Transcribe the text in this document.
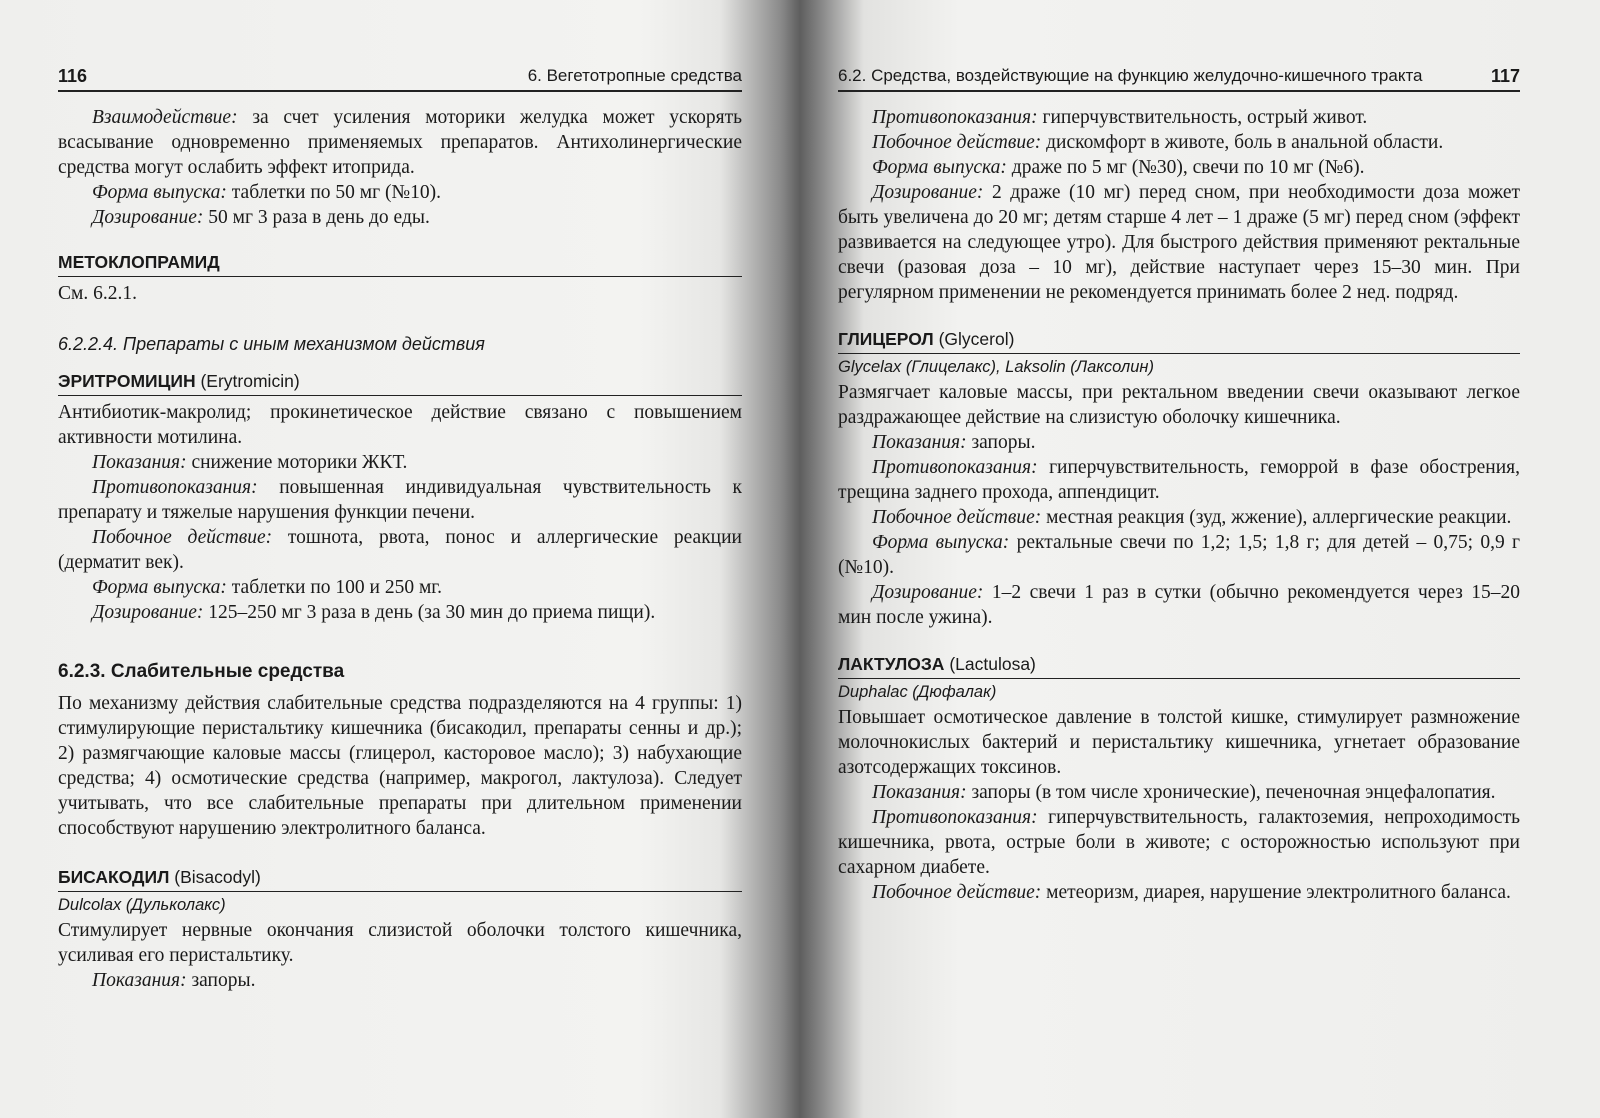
116	6. Вегетотропные средства

Взаимодействие: за счет усиления моторики желудка может ускорять всасывание одновременно применяемых препаратов. Антихолинергические средства могут ослабить эффект итоприда.

Форма выпуска: таблетки по 50 мг (№10).

Дозирование: 50 мг 3 раза в день до еды.

МЕТОКЛОПРАМИД

См. 6.2.1.

6.2.2.4. Препараты с иным механизмом действия
ЭРИТРОМИЦИН (Erytromicin)

Антибиотик-макролид; прокинетическое действие связано с повышением активности мотилина.

Показания: снижение моторики ЖКТ.

Противопоказания: повышенная индивидуальная чувствительность к препарату и тяжелые нарушения функции печени.

Побочное действие: тошнота, рвота, понос и аллергические реакции (дерматит век).

Форма выпуска: таблетки по 100 и 250 мг.

Дозирование: 125–250 мг 3 раза в день (за 30 мин до приема пищи).

6.2.3. Слабительные средства

По механизму действия слабительные средства подразделяются на 4 группы: 1) стимулирующие перистальтику кишечника (бисакодил, препараты сенны и др.); 2) размягчающие каловые массы (глицерол, касторовое масло); 3) набухающие средства; 4) осмотические средства (например, макрогол, лактулоза). Следует учитывать, что все слабительные препараты при длительном применении способствуют нарушению электролитного баланса.

БИСАКОДИЛ (Bisacodyl)
Dulcolax (Дульколакс)

Стимулирует нервные окончания слизистой оболочки толстого кишечника, усиливая его перистальтику.

Показания: запоры.

6.2. Средства, воздействующие на функцию желудочно-кишечного тракта	117

Противопоказания: гиперчувствительность, острый живот.

Побочное действие: дискомфорт в животе, боль в анальной области.

Форма выпуска: драже по 5 мг (№30), свечи по 10 мг (№6).

Дозирование: 2 драже (10 мг) перед сном, при необходимости доза может быть увеличена до 20 мг; детям старше 4 лет – 1 драже (5 мг) перед сном (эффект развивается на следующее утро). Для быстрого действия применяют ректальные свечи (разовая доза – 10 мг), действие наступает через 15–30 мин. При регулярном применении не рекомендуется принимать более 2 нед. подряд.

ГЛИЦЕРОЛ (Glycerol)
Glycelax (Глицелакс), Laksolin (Лаксолин)

Размягчает каловые массы, при ректальном введении свечи оказывают легкое раздражающее действие на слизистую оболочку кишечника.

Показания: запоры.

Противопоказания: гиперчувствительность, геморрой в фазе обострения, трещина заднего прохода, аппендицит.

Побочное действие: местная реакция (зуд, жжение), аллергические реакции.

Форма выпуска: ректальные свечи по 1,2; 1,5; 1,8 г; для детей – 0,75; 0,9 г (№10).

Дозирование: 1–2 свечи 1 раз в сутки (обычно рекомендуется через 15–20 мин после ужина).

ЛАКТУЛОЗА (Lactulosa)
Duphalac (Дюфалак)

Повышает осмотическое давление в толстой кишке, стимулирует размножение молочнокислых бактерий и перистальтику кишечника, угнетает образование азотсодержащих токсинов.

Показания: запоры (в том числе хронические), печеночная энцефалопатия.

Противопоказания: гиперчувствительность, галактоземия, непроходимость кишечника, рвота, острые боли в животе; с осторожностью используют при сахарном диабете.

Побочное действие: метеоризм, диарея, нарушение электролитного баланса.
